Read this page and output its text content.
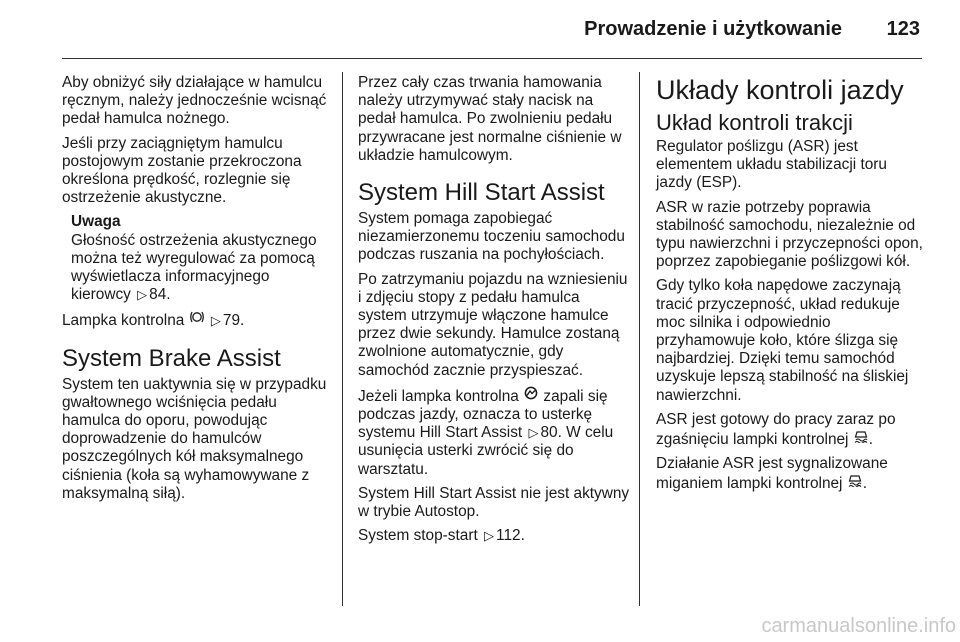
Prowadzenie i użytkowanie 123

Aby obniżyć siły działające w hamulcu ręcznym, należy jednocześnie wcisnąć pedał hamulca nożnego.

Jeśli przy zaciągniętym hamulcu postojowym zostanie przekroczona określona prędkość, rozlegnie się ostrzeżenie akustyczne.

Uwaga
Głośność ostrzeżenia akustycznego można też wyregulować za pomocą wyświetlacza informacyjnego kierowcy ▷ 84.

Lampka kontrolna ▷ 79.

System Brake Assist

System ten uaktywnia się w przypadku gwałtownego wciśnięcia pedału hamulca do oporu, powodując doprowadzenie do hamulców poszczególnych kół maksymalnego ciśnienia (koła są wyhamowywane z maksymalną siłą).

Przez cały czas trwania hamowania należy utrzymywać stały nacisk na pedał hamulca. Po zwolnieniu pedału przywracane jest normalne ciśnienie w układzie hamulcowym.

System Hill Start Assist

System pomaga zapobiegać niezamierzonemu toczeniu samochodu podczas ruszania na pochyłościach.

Po zatrzymaniu pojazdu na wzniesieniu i zdjęciu stopy z pedału hamulca system utrzymuje włączone hamulce przez dwie sekundy. Hamulce zostaną zwolnione automatycznie, gdy samochód zacznie przyspieszać.

Jeżeli lampka kontrolna zapali się podczas jazdy, oznacza to usterkę systemu Hill Start Assist ▷ 80. W celu usunięcia usterki zwrócić się do warsztatu.

System Hill Start Assist nie jest aktywny w trybie Autostop.

System stop-start ▷ 112.

Układy kontroli jazdy
Układ kontroli trakcji

Regulator poślizgu (ASR) jest elementem układu stabilizacji toru jazdy (ESP).

ASR w razie potrzeby poprawia stabilność samochodu, niezależnie od typu nawierzchni i przyczepności opon, poprzez zapobieganie poślizgowi kół.

Gdy tylko koła napędowe zaczynają tracić przyczepność, układ redukuje moc silnika i odpowiednio przyhamowuje koło, które ślizga się najbardziej. Dzięki temu samochód uzyskuje lepszą stabilność na śliskiej nawierzchni.

ASR jest gotowy do pracy zaraz po zgaśnięciu lampki kontrolnej .

Działanie ASR jest sygnalizowane miganiem lampki kontrolnej .

carmanualsonline.info
